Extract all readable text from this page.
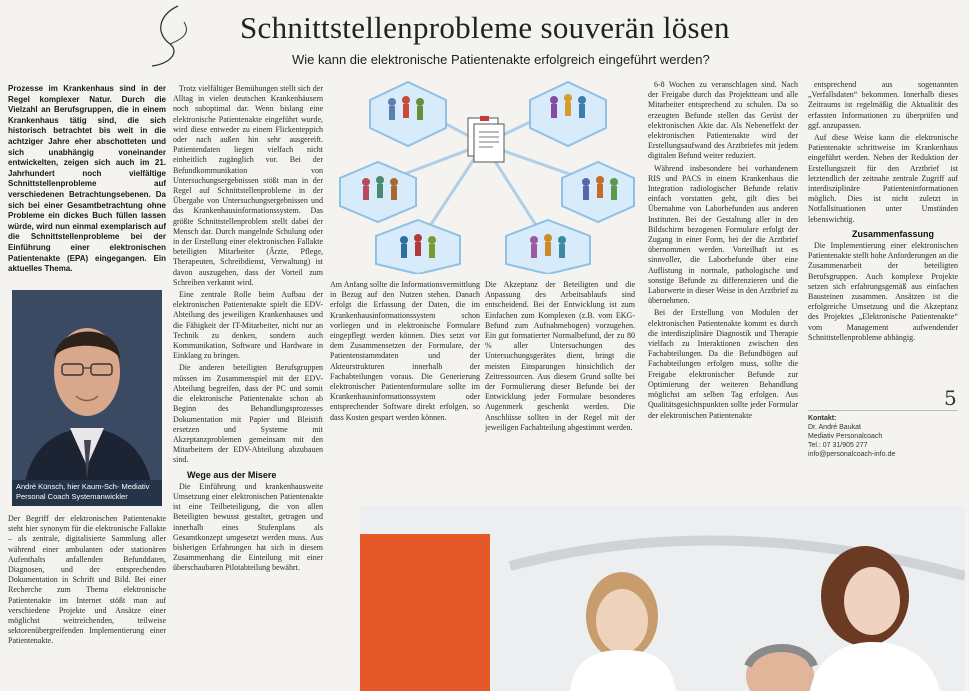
Schnittstellenprobleme souverän lösen
Wie kann die elektronische Patientenakte erfolgreich eingeführt werden?
Prozesse im Krankenhaus sind in der Regel komplexer Natur. Durch die Vielzahl an Berufsgruppen, die in einem Krankenhaus tätig sind, die sich historisch betrachtet bis weit in die achtziger Jahre eher abschotteten und sich unabhängig voneinander entwickelten, zeigen sich auch im 21. Jahrhundert noch vielfältige Schnittstellenprobleme auf verschiedenen Betrachtungsebenen. Da sich bei einer Gesamtbetrachtung ohne Probleme ein dickes Buch füllen lassen würde, wird nun einmal exemplarisch auf die Schnittstellenprobleme bei der Einführung einer elektronischen Patientenakte (EPA) eingegangen. Ein aktuelles Thema.
André Künsch, hier Kaum-Sch- Mediativ Personal Coach Systemanwickler
Der Begriff der elektronischen Patientenakte steht hier synonym für die elektronische Fallakte – als zentrale, digitalisierte Sammlung aller während einer ambulanten oder stationären Aufenthalts anfallenden Befunddaten, Diagnosen, und der entsprechenden Dokumentation in Schrift und Bild. Bei einer Recherche zum Thema elektronische Patientenakte im Internet stößt man auf verschiedene Projekte und Ansätze einer möglichst weitreichenden, teilweise sektorenübergreifenden Implementierung einer Patientenakte.

Trotz vielfältiger Bemühungen stellt sich der Alltag in vielen deutschen Krankenhäusern noch suboptimal dar. Wenn bislang eine elektronische Patientenakte eingeführt wurde, wird diese entweder zu einem Flickenteppich oder nach außen hin sehr ausgereift. Patientendaten liegen vielfach nicht einheitlich zugänglich vor. Bei der Befundkommunikation von Untersuchungsergebnissen stößt man in der Regel auf Schnittstellenprobleme in der Übergabe von Untersuchungsergebnissen und das Krankenhausinformationssystem. Das größte Schnittstellenproblem stellt dabei der Mensch dar. Durch mangelnde Schulung oder in der Erstellung einer elektronischen Fallakte beteiligten Mitarbeiter (Ärzte, Pflege, Therapeuten, Schreibdienst, Verwaltung) ist davon auszugehen, dass der Vorteil zum Schreiben verkannt wird.

Eine zentrale Rolle beim Aufbau der elektronischen Patientenakte spielt die EDV-Abteilung des jeweiligen Krankenhauses und die Fähigkeit der IT-Mitarbeiter, nicht nur an Technik zu denken, sondern auch Kommunikation, Software und Hardware in Einklang zu bringen.

Die anderen beteiligten Berufsgruppen müssen im Zusammenspiel mit der EDV-Abteilung begreifen, dass der PC und somit die elektronische Patientenakte schon ab Beginn des Behandlungsprozesses Dokumentation mit Papier und Bleistift ersetzen und Systeme mit Akzeptanzproblemen gemeinsam mit den Mitarbeitern der EDV-Abteilung abzubauen sind.

Wege aus der Misere

Die Einführung und krankenhausweite Umsetzung einer elektronischen Patientenakte ist eine Teilbeteiligung, die von allen Beteiligten bewusst gestaltet, getragen und innerhalb eines Stufenplans als Gesamtkonzept umgesetzt werden muss. Aus bisherigen Erfahrungen hat sich in diesem Zusammenhang die Einteilung mit einer überschaubaren Pilotabteilung bewährt.

Am Anfang sollte die Informationsvermittlung in Bezug auf den Nutzen stehen. Danach erfolgt die Erfassung der Daten, die im Krankenhausinformationssystem schon vorliegen und in elektronische Formulare eingepflegt werden können. Dies setzt vor dem Zusammensetzen der Formulare, der Patientenstammdaten und der Akteurstrukturen innerhalb der Fachabteilungen voraus. Die Generierung elektronischer Patientenformulare sollte im Krankenhausinformationssystem oder entsprechender Software direkt erfolgen, so dass Kosten gespart werden können.
Die Akzeptanz der Beteiligten und die Anpassung des Arbeitsablaufs sind entscheidend. Bei der Entwicklung ist zum Einfachen zum Komplexen (z.B. vom EKG-Befund zum Aufnahmebogen) vorzugehen. Ein gut formatierter Normalbefund, der zu 80 % aller Untersuchungen des Untersuchungsgerätes dient, bringt die meisten Einsparungen hinsichtlich der Zeitressourcen. Aus diesem Grund sollte bei der Formulierung dieser Befunde bei der Entwicklung jeder Formulare besonderes Augenmerk geschenkt werden. Die Anschlüsse sollten in der Regel mit der jeweiligen Fachabteilung abgestimmt werden.

6-8 Wochen zu veranschlagen sind. Nach der Freigabe durch das Projektteam und alle Mitarbeiter entsprechend zu schulen. Da so erzeugten Befunde stellen das Gerüst der elektronischen Akte dar. Als Nebeneffekt der elektronischen Patientenakte wird der Erstellungsaufwand des Arztbriefes mit jedem digitalen Befund weiter reduziert.

Während insbesondere bei vorhandenem RIS und PACS in einem Krankenhaus die Integration radiologischer Befunde relativ einfach vorstatten geht, gilt dies bei Übernahme von Laborbefunden aus anderen Instituten. Bei der Gestaltung aller in den Bildschirm bezogenen Formulare erfolgt der Zugang in einer Form, bei der die Arztbrief übernommen werden. Vorteilhaft ist es sinnvoller, die Laborbefunde über eine Auflistung in normale, pathologische und sonstige Befunde zu differenzieren und die Laborwerte in dieser Weise in den Arztbrief zu übernehmen.

Bei der Erstellung von Modulen der elektronischen Patientenakte kommt es durch die interdisziplinäre Diagnostik und Therapie vielfach zu Interaktionen zwischen den Fachabteilungen. Da die Befundbögen auf Fachabteilungen erfolgen muss, sollte die Freigabe elektronischer Befunde zur Optimierung der weiteren Behandlung möglichst am selben Tag erfolgen. Aus Qualitätsgesichtspunkten sollte jeder Formular der elektronischen Patientenakte

entsprechend aus sogenannten „Verfallsdaten“ bekommen. Innerhalb dieses Zeitraums ist regelmäßig die Aktualität des erfassten Informationen zu überprüfen und ggf. anzupassen.

Auf diese Weise kann die elektronische Patientenakte schrittweise im Krankenhaus eingeführt werden. Neben der Reduktion der Erstellungszeit für den Arztbrief ist letztendlich der zeitnahe zentrale Zugriff auf interdisziplinäre Patienteninformationen möglich. Dies ist nicht zuletzt in Notfallsituationen unter Umständen lebenswichtig.

Zusammenfassung

Die Implementierung einer elektronischen Patientenakte stellt hohe Anforderungen an die Zusammenarbeit der beteiligten Berufsgruppen. Auch komplexe Projekte setzen sich erfahrungsgemäß aus einfachen Bausteinen zusammen. Ansätzen ist die erfolgreiche Umsetzung und die Akzeptanz des Projektes „Elektronische Patientenakte“ vom Management aufwendender Schnittstellenprobleme abhängig.

5
Kontakt:
Dr. André Baukat
Mediativ Personalcoach
Tel.: 07 31/905 277
info@personalcoach-info.de
